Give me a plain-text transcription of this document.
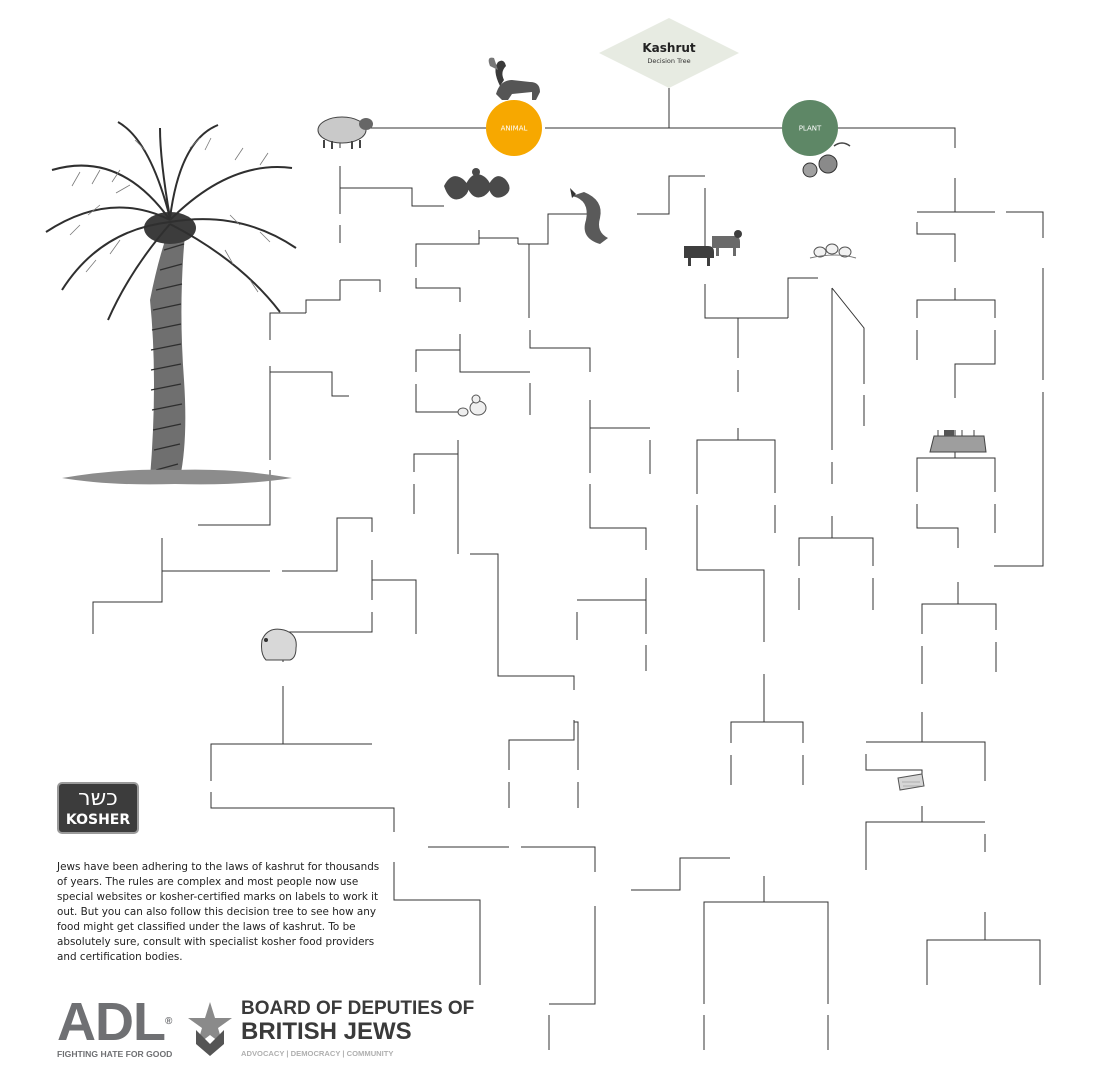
Kashrut
Decision Tree
ANIMAL	PLANT

Jews have been adhering to the laws of kashrut for thousands of years. The rules are complex and most people now use special websites or kosher-certified marks on labels to work it out. But you can also follow this decision tree to see how any food might get classified under the laws of kashrut. To be absolutely sure, consult with specialist kosher food providers and certification bodies.

כשר
KOSHER
ADL®
FIGHTING HATE FOR GOOD
BOARD OF DEPUTIES OF
BRITISH JEWS
ADVOCACY | DEMOCRACY | COMMUNITY
